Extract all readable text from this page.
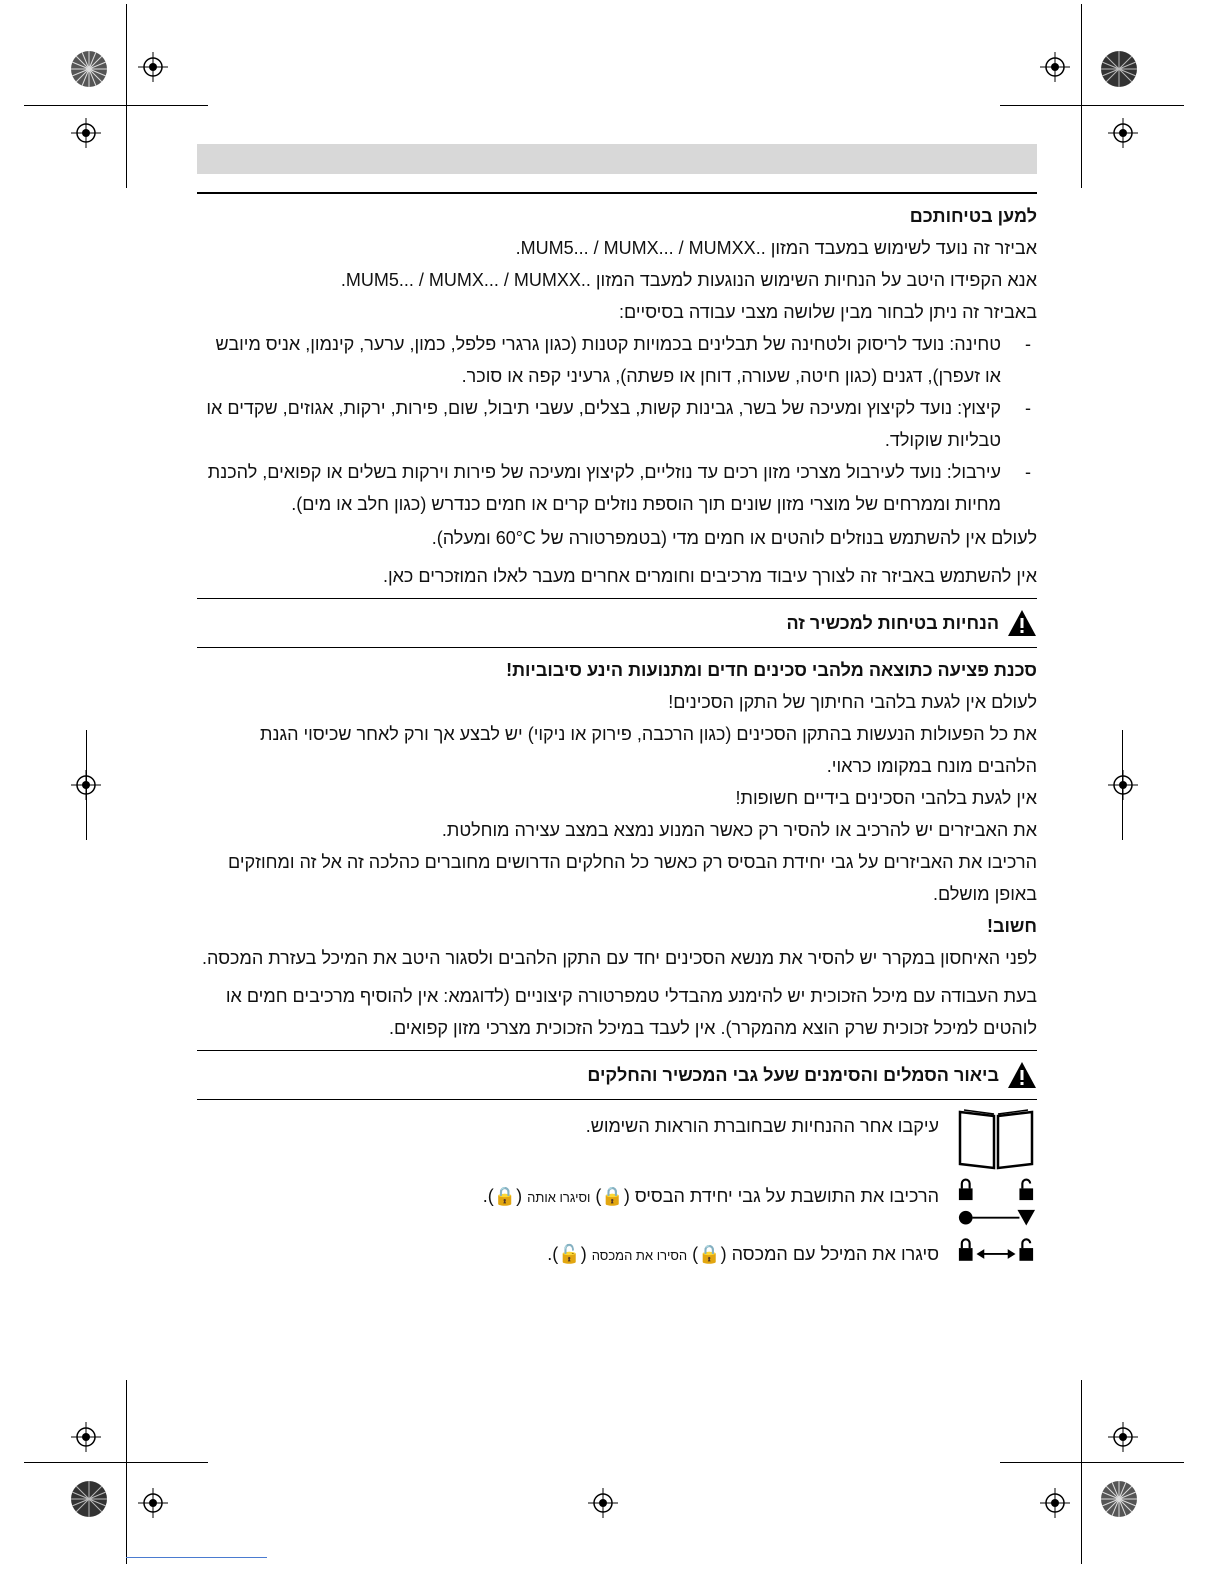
למען בטיחותכם

אביזר זה נועד לשימוש במעבד המזון ..MUM5... / MUMX... / MUMXX.

אנא הקפידו היטב על הנחיות השימוש הנוגעות למעבד המזון ..MUM5... / MUMX... / MUMXX.

באביזר זה ניתן לבחור מבין שלושה מצבי עבודה בסיסיים:

-
טחינה: נועד לריסוק ולטחינה של תבלינים בכמויות קטנות (כגון גרגרי פלפל, כמון, ערער, קינמון, אניס מיובש או זעפרן), דגנים (כגון חיטה, שעורה, דוחן או פשתה), גרעיני קפה או סוכר.
-
קיצוץ: נועד לקיצוץ ומעיכה של בשר, גבינות קשות, בצלים, עשבי תיבול, שום, פירות, ירקות, אגוזים, שקדים או טבליות שוקולד.
-
עירבול: נועד לעירבול מצרכי מזון רכים עד נוזליים, לקיצוץ ומעיכה של פירות וירקות בשלים או קפואים, להכנת מחיות וממרחים של מוצרי מזון שונים תוך הוספת נוזלים קרים או חמים כנדרש (כגון חלב או מים).

לעולם אין להשתמש בנוזלים לוהטים או חמים מדי (בטמפרטורה של 60°C ומעלה).

אין להשתמש באביזר זה לצורך עיבוד מרכיבים וחומרים אחרים מעבר לאלו המוזכרים כאן.

הנחיות בטיחות למכשיר זה

סכנת פציעה כתוצאה מלהבי סכינים חדים ומתנועות הינע סיבוביות!

לעולם אין לגעת בלהבי החיתוך של התקן הסכינים!

את כל הפעולות הנעשות בהתקן הסכינים (כגון הרכבה, פירוק או ניקוי) יש לבצע אך ורק לאחר שכיסוי הגנת הלהבים מונח במקומו כראוי.

אין לגעת בלהבי הסכינים בידיים חשופות!

את האביזרים יש להרכיב או להסיר רק כאשר המנוע נמצא במצב עצירה מוחלטת.

הרכיבו את האביזרים על גבי יחידת הבסיס רק כאשר כל החלקים הדרושים מחוברים כהלכה זה אל זה ומחוזקים באופן מושלם.

חשוב!

לפני האיחסון במקרר יש להסיר את מנשא הסכינים יחד עם התקן הלהבים ולסגור היטב את המיכל בעזרת המכסה.

בעת העבודה עם מיכל הזכוכית יש להימנע מהבדלי טמפרטורה קיצוניים (לדוגמא: אין להוסיף מרכיבים חמים או לוהטים למיכל זכוכית שרק הוצא מהמקרר). אין לעבד במיכל הזכוכית מצרכי מזון קפואים.

ביאור הסמלים והסימנים שעל גבי המכשיר והחלקים
עיקבו אחר ההנחיות שבחוברת הוראות השימוש.
הרכיבו את התושבת על גבי יחידת הבסיס (🔒) וסיגרו אותה (🔒).
סיגרו את המיכל עם המכסה (🔒) הסירו את המכסה (🔓).
